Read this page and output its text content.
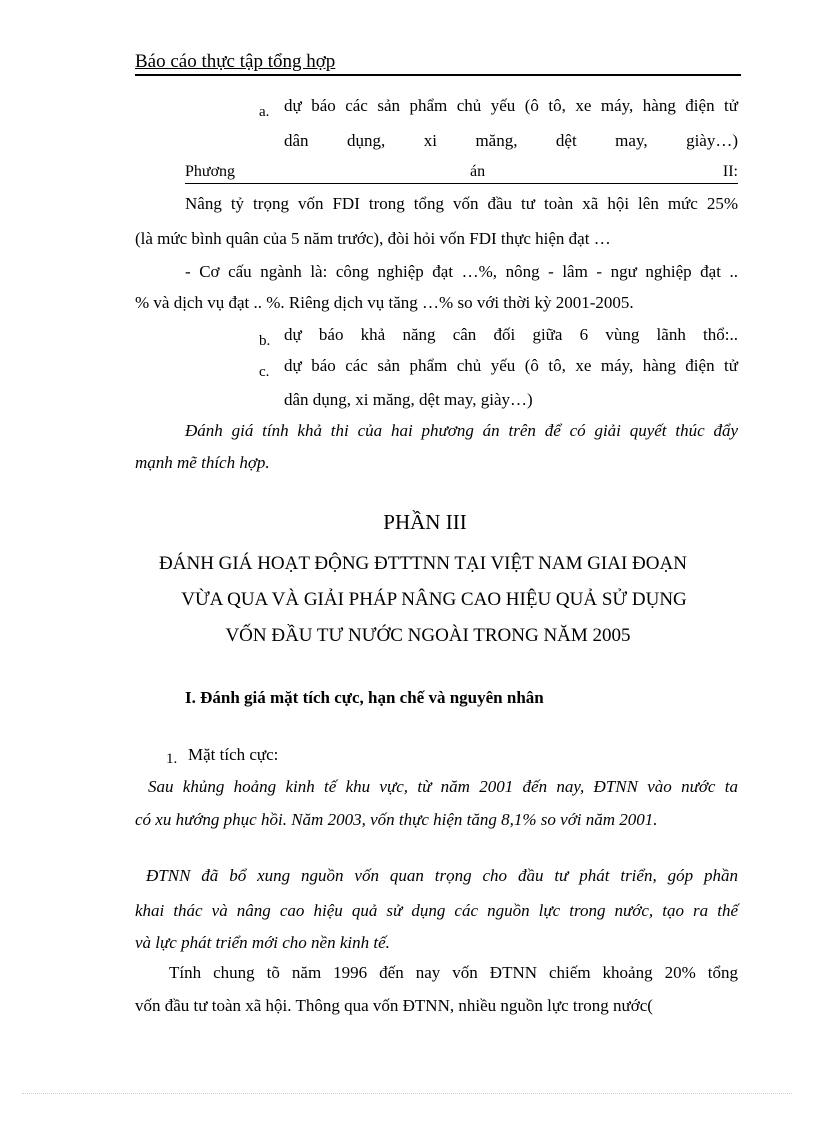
Báo cáo thực tập tổng hợp
a. dự báo các sản phẩm chủ yếu (ô tô, xe máy, hàng điện tử
dân dụng, xi măng, dệt may, giày…)
Phương	án	II:
Nâng tỷ trọng vốn FDI trong tổng vốn đầu tư toàn xã hội lên mức 25%
(là mức bình quân của 5 năm trước), đòi hỏi vốn FDI thực hiện đạt …
- Cơ cấu ngành là: công nghiệp đạt …%, nông - lâm - ngư nghiệp đạt ..
% và dịch vụ đạt .. %. Riêng dịch vụ tăng …% so với thời kỳ 2001-2005.
b. dự báo khả năng cân đối giữa 6 vùng lãnh thổ:..
c. dự báo các sản phẩm chủ yếu (ô tô, xe máy, hàng điện tử
dân dụng, xi măng, dệt may, giày…)
Đánh giá tính khả thi của hai phương án trên để có giải quyết thúc đẩy
mạnh mẽ thích hợp.
PHẦN III
ĐÁNH GIÁ HOẠT ĐỘNG ĐTTTNN TẠI VIỆT NAM GIAI ĐOẠN
VỪA QUA VÀ GIẢI PHÁP NÂNG CAO HIỆU QUẢ SỬ DỤNG
VỐN ĐẦU TƯ NƯỚC NGOÀI TRONG NĂM 2005
I. Đánh giá mặt tích cực, hạn chế và nguyên nhân
1. Mặt tích cực:
Sau khủng hoảng kinh tế khu vực, từ năm 2001 đến nay, ĐTNN vào nước ta
có xu hướng phục hồi. Năm 2003, vốn thực hiện tăng 8,1% so với năm 2001.
ĐTNN đã bổ xung nguồn vốn quan trọng cho đầu tư phát triển, góp phần
khai thác và nâng cao hiệu quả sử dụng các nguồn lực trong nước, tạo ra thế
và lực phát triển mới cho nền kinh tế.
Tính chung tõ năm 1996 đến nay vốn ĐTNN chiếm khoảng 20% tổng
vốn đầu tư toàn xã hội. Thông qua vốn ĐTNN, nhiều nguồn lực trong nước(
